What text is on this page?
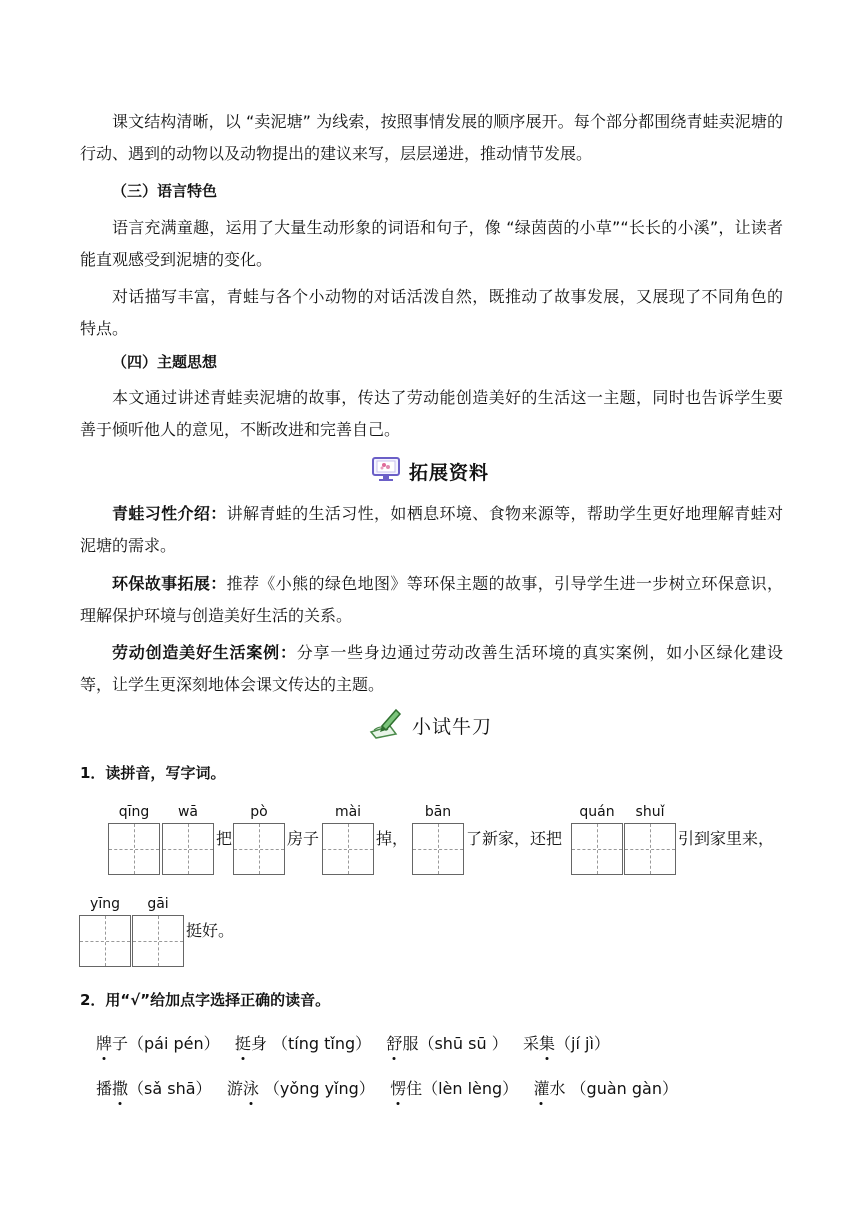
课文结构清晰，以 “卖泥塘” 为线索，按照事情发展的顺序展开。每个部分都围绕青蛙卖泥塘的行动、遇到的动物以及动物提出的建议来写，层层递进，推动情节发展。

（三）语言特色

语言充满童趣，运用了大量生动形象的词语和句子，像 “绿茵茵的小草”“长长的小溪”，让读者能直观感受到泥塘的变化。

对话描写丰富，青蛙与各个小动物的对话活泼自然，既推动了故事发展，又展现了不同角色的特点。

（四）主题思想

本文通过讲述青蛙卖泥塘的故事，传达了劳动能创造美好的生活这一主题，同时也告诉学生要善于倾听他人的意见，不断改进和完善自己。

拓展资料

青蛙习性介绍：讲解青蛙的生活习性，如栖息环境、食物来源等，帮助学生更好地理解青蛙对泥塘的需求。

环保故事拓展：推荐《小熊的绿色地图》等环保主题的故事，引导学生进一步树立环保意识，理解保护环境与创造美好生活的关系。

劳动创造美好生活案例：分享一些身边通过劳动改善生活环境的真实案例，如小区绿化建设等，让学生更深刻地体会课文传达的主题。

小试牛刀

1．读拼音，写字词。

qīng	wā	pò	mài	bān	quán	shuǐ
把	房子	掉，	了新家，还把	引到家里来，
yīng	gāi
挺好。

2．用“√”给加点字选择正确的读音。

牌子（pái pén） 挺身 （tíng tǐng） 舒服（shū sū ） 采集（jí jì）
播撒（sǎ shā） 游泳 （yǒng yǐng） 愣住（lèn lèng） 灌水 （guàn gàn）
